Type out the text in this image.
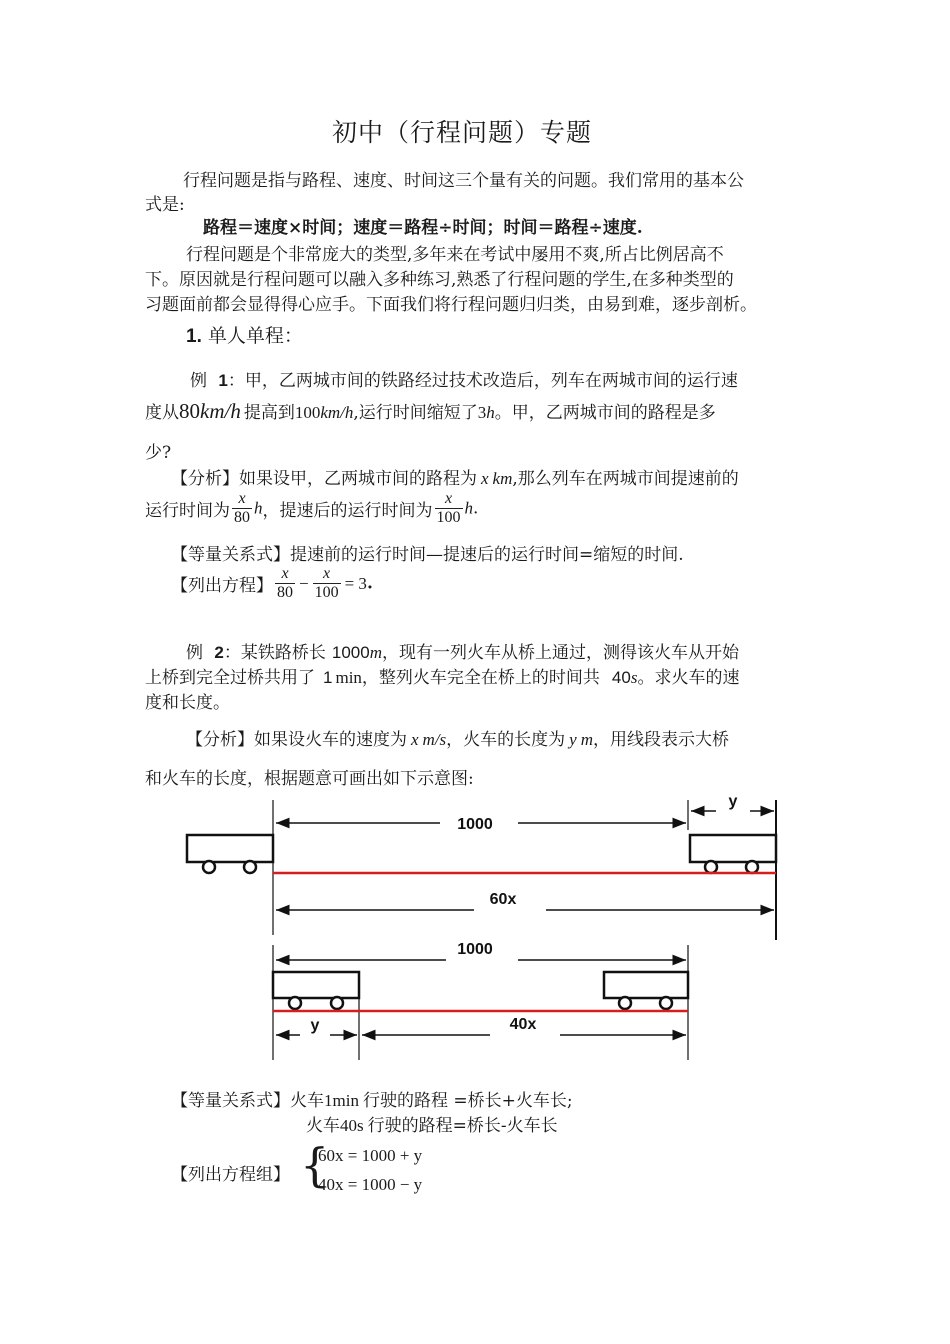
初中（行程问题）专题
行程问题是指与路程、速度、时间这三个量有关的问题。我们常用的基本公
式是:
路程＝速度×时间；速度＝路程÷时间；时间＝路程÷速度.
行程问题是个非常庞大的类型,多年来在考试中屡用不爽,所占比例居高不
下。原因就是行程问题可以融入多种练习,熟悉了行程问题的学生,在多种类型的
习题面前都会显得得心应手。下面我们将行程问题归归类，由易到难，逐步剖析。
1. 单人单程：
例 1：甲，乙两城市间的铁路经过技术改造后，列车在两城市间的运行速
度从80km/h 提高到100km/h,运行时间缩短了3h。甲，乙两城市间的路程是多
少?
【分析】如果设甲，乙两城市间的路程为 x km,那么列车在两城市间提速前的
运行时间为 $\frac{x}{80}$ h，提速后的运行时间为 $\frac{x}{100} h$.
【等量关系式】提速前的运行时间—提速后的运行时间=缩短的时间.
【列出方程】 $\frac{x}{80} - \frac{x}{100} = 3$.
例 2：某铁路桥长 1000m，现有一列火车从桥上通过，测得该火车从开始
上桥到完全过桥共用了 1 min，整列火车完全在桥上的时间共 40s。求火车的速
度和长度。
【分析】如果设火车的速度为 x m/s，火车的长度为 y m，用线段表示大桥
和火车的长度，根据题意可画出如下示意图:
1000
y
60x
1000
y	40x
【等量关系式】火车1min 行驶的路程 =桥长+火车长;
火车40s 行驶的路程=桥长-火车长
【列出方程组】 {
60x = 1000 + y
40x = 1000 − y
